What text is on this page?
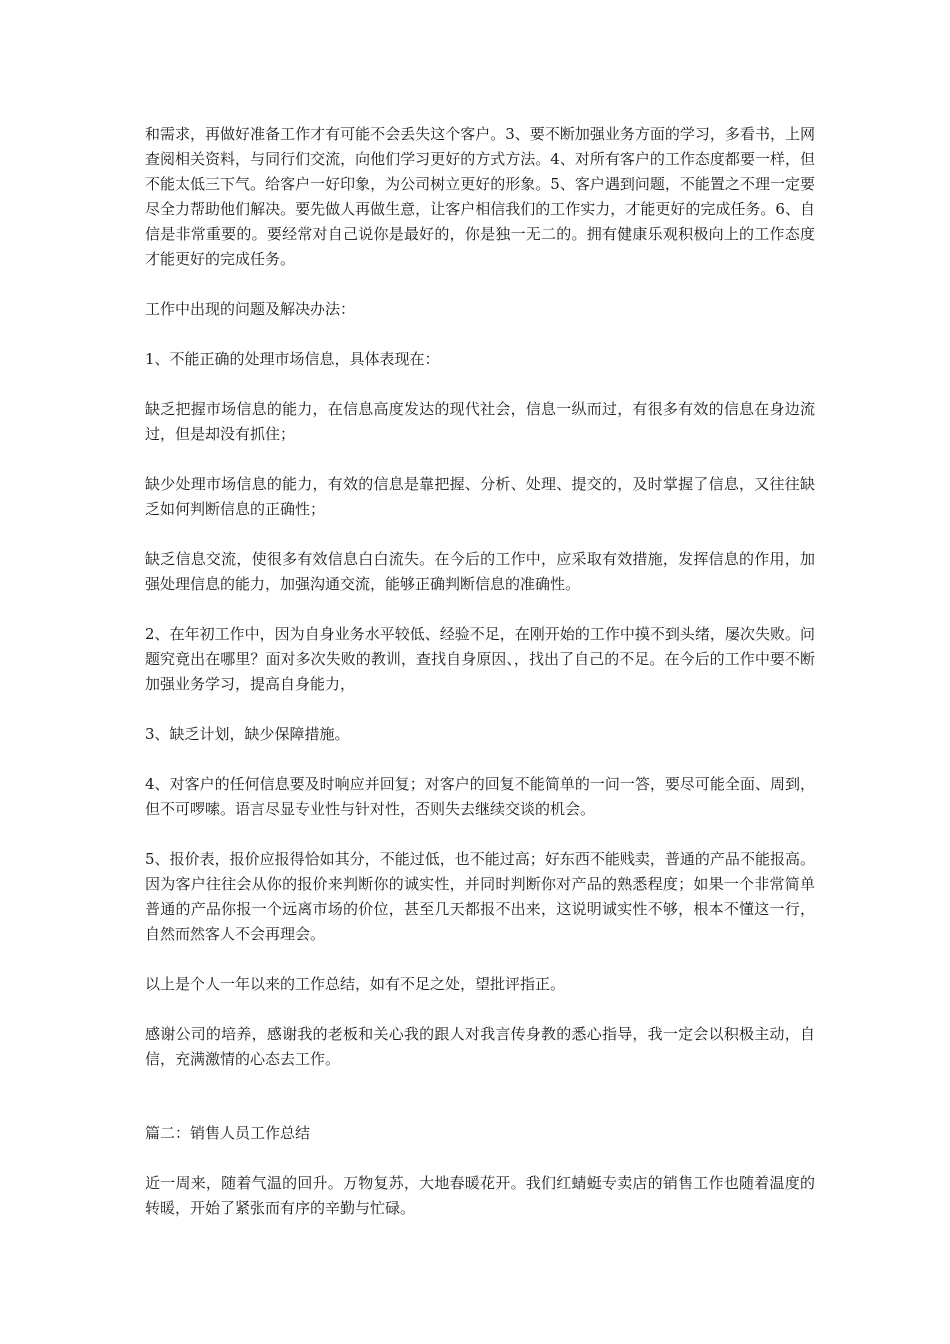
和需求，再做好准备工作才有可能不会丢失这个客户。3、要不断加强业务方面的学习，多看书，上网查阅相关资料，与同行们交流，向他们学习更好的方式方法。4、对所有客户的工作态度都要一样，但不能太低三下气。给客户一好印象，为公司树立更好的形象。5、客户遇到问题，不能置之不理一定要尽全力帮助他们解决。要先做人再做生意，让客户相信我们的工作实力，才能更好的完成任务。6、自信是非常重要的。要经常对自己说你是最好的，你是独一无二的。拥有健康乐观积极向上的工作态度才能更好的完成任务。

工作中出现的问题及解决办法：

1、不能正确的处理市场信息，具体表现在：

缺乏把握市场信息的能力，在信息高度发达的现代社会，信息一纵而过，有很多有效的信息在身边流过，但是却没有抓住；

缺少处理市场信息的能力，有效的信息是靠把握、分析、处理、提交的，及时掌握了信息，又往往缺乏如何判断信息的正确性；

缺乏信息交流，使很多有效信息白白流失。在今后的工作中，应采取有效措施，发挥信息的作用，加强处理信息的能力，加强沟通交流，能够正确判断信息的准确性。

2、在年初工作中，因为自身业务水平较低、经验不足，在刚开始的工作中摸不到头绪，屡次失败。问题究竟出在哪里？面对多次失败的教训，查找自身原因、，找出了自己的不足。在今后的工作中要不断加强业务学习，提高自身能力，

3、缺乏计划，缺少保障措施。

4、对客户的任何信息要及时响应并回复；对客户的回复不能简单的一问一答，要尽可能全面、周到，但不可啰嗦。语言尽显专业性与针对性，否则失去继续交谈的机会。

5、报价表，报价应报得恰如其分，不能过低，也不能过高；好东西不能贱卖，普通的产品不能报高。因为客户往往会从你的报价来判断你的诚实性，并同时判断你对产品的熟悉程度；如果一个非常简单普通的产品你报一个远离市场的价位，甚至几天都报不出来，这说明诚实性不够，根本不懂这一行，自然而然客人不会再理会。

以上是个人一年以来的工作总结，如有不足之处，望批评指正。

感谢公司的培养，感谢我的老板和关心我的跟人对我言传身教的悉心指导，我一定会以积极主动，自信，充满激情的心态去工作。

篇二：销售人员工作总结

近一周来，随着气温的回升。万物复苏，大地春暖花开。我们红蜻蜓专卖店的销售工作也随着温度的转暖，开始了紧张而有序的辛勤与忙碌。
